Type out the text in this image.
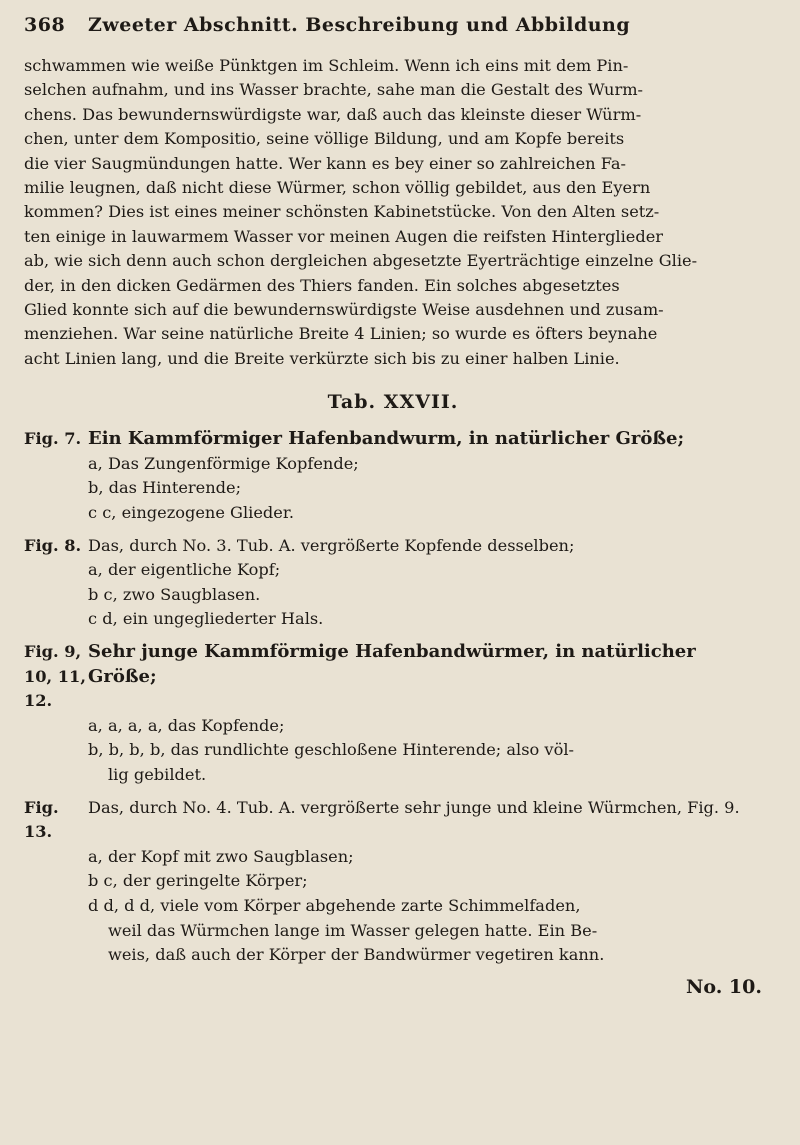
368	Zweeter Abschnitt. Beschreibung und Abbildung

schwammen wie weiße Pünktgen im Schleim. Wenn ich eins mit dem Pin-

selchen aufnahm, und ins Wasser brachte, sahe man die Gestalt des Wurm-

chens. Das bewundernswürdigste war, daß auch das kleinste dieser Würm-

chen, unter dem Kompositio, seine völlige Bildung, und am Kopfe bereits

die vier Saugmündungen hatte. Wer kann es bey einer so zahlreichen Fa-

milie leugnen, daß nicht diese Würmer, schon völlig gebildet, aus den Eyern

kommen? Dies ist eines meiner schönsten Kabinetstücke. Von den Alten setz-

ten einige in lauwarmem Wasser vor meinen Augen die reifsten Hinterglieder

ab, wie sich denn auch schon dergleichen abgesetzte Eyerträchtige einzelne Glie-

der, in den dicken Gedärmen des Thiers fanden. Ein solches abgesetztes

Glied konnte sich auf die bewundernswürdigste Weise ausdehnen und zusam-

menziehen. War seine natürliche Breite 4 Linien; so wurde es öfters beynahe

acht Linien lang, und die Breite verkürzte sich bis zu einer halben Linie.

Tab. XXVII.
Fig. 7. Ein Kammförmiger Hafenbandwurm, in natürlicher Größe;
a, Das Zungenförmige Kopfende;
b, das Hinterende;
c c, eingezogene Glieder.
Fig. 8. Das, durch No. 3. Tub. A. vergrößerte Kopfende desselben;
a, der eigentliche Kopf;
b c, zwo Saugblasen.
c d, ein ungegliederter Hals.
Fig. 9, 10, 11, 12.
Sehr junge Kammförmige Hafenbandwürmer, in natürlicher Größe;
a, a, a, a, das Kopfende;
b, b, b, b, das rundlichte geschloßene Hinterende; also völ-
lig gebildet.
Fig. 13.
Das, durch No. 4. Tub. A. vergrößerte sehr junge und kleine Würmchen, Fig. 9.
a, der Kopf mit zwo Saugblasen;
b c, der geringelte Körper;
d d, d d, viele vom Körper abgehende zarte Schimmelfaden,
weil das Würmchen lange im Wasser gelegen hatte. Ein Be-
weis, daß auch der Körper der Bandwürmer vegetiren kann.
No. 10.
